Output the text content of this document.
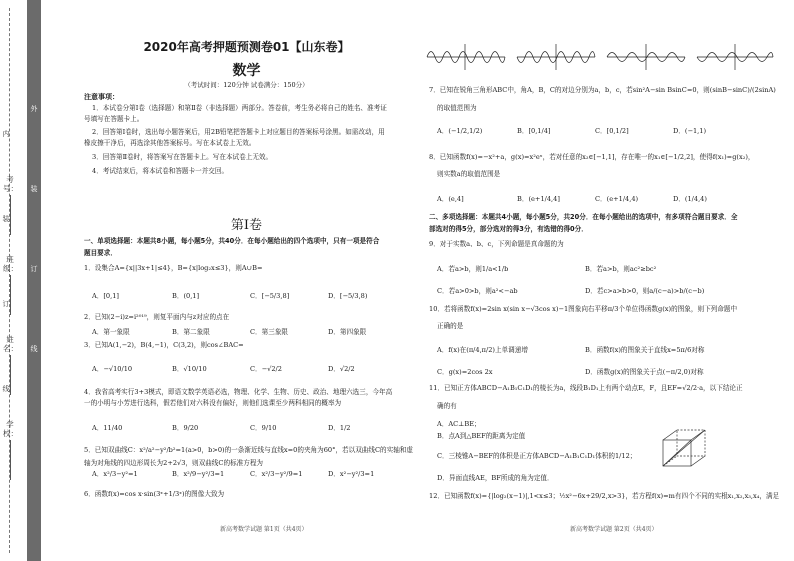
学校：
姓名：
班级：
考号：
外
装
订
线
内
装
订
线
2020年高考押题预测卷01【山东卷】
数学
（考试时间：120分钟 试卷满分：150分）
注意事项：
1．本试卷分第Ⅰ卷（选择题）和第Ⅱ卷（非选择题）两部分。答卷前，考生务必将自己的姓名、准考证
号填写在答题卡上。
2．回答第Ⅰ卷时，选出每小题答案后，用2B铅笔把答题卡上对应题目的答案标号涂黑。如需改动，用
橡皮擦干净后，再选涂其他答案标号。写在本试卷上无效。
3．回答第Ⅱ卷时，将答案写在答题卡上。写在本试卷上无效。
4．考试结束后，将本试卷和答题卡一并交回。
第Ⅰ卷
一、单项选择题：本题共8小题，每小题5分，共40分．在每小题给出的四个选项中，只有一项是符合
题目要求．
1．设集合A={x||3x+1|≤4}，B={x|log₂x≤3}，则A∪B=
A．[0,1]	B．(0,1]	C．[−5/3,8]	D．[−5/3,8)
2．已知(2−i)z=i²⁰¹⁹，则复平面内与z对应的点在
A．第一象限	B．第二象限	C．第三象限	D．第四象限
3．已知A(1,−2)，B(4,−1)，C(3,2)，则cos∠BAC=
A．−√10/10	B．√10/10	C．−√2/2	D．√2/2
4．我省高考实行3+3模式，即语文数学英语必选，物理、化学、生物、历史、政治、地理六选三，今年高
一的小明与小芳进行选科，假若他们对六科没有偏好，则他们选课至少两科相同的概率为
A．11/40	B．9/20	C．9/10	D．1/2
5．已知双曲线C：x²/a²−y²/b²=1(a>0，b>0)的一条渐近线与直线x=0的夹角为60°，若以双曲线C的实轴和虚
轴为对角线的四边形周长为2+2√3，则双曲线C的标准方程为
A．x²/3−y²=1	B．x²/9−y²/3=1	C．x²/3−y²/9=1	D．x²−y²/3=1
6．函数f(x)=cos x·sin(3ˣ+1/3ˣ)的图像大致为
新高考数学试题 第1页（共4页）
7．已知在锐角三角形ABC中，角A，B，C的对边分别为a，b，c，若sin²A−sin BsinC=0，则(sinB−sinC)/(2sinA)
的取值范围为
A．(−1/2,1/2)	B．[0,1/4]	C．[0,1/2]	D．(−1,1)
8．已知函数f(x)=−x²+a，g(x)=x²eˣ，若对任意的x₂∈[−1,1]，存在唯一的x₁∈[−1/2,2]，使得f(x₁)=g(x₂)，
则实数a的取值范围是
A．(e,4]	B．(e+1/4,4]	C．(e+1/4,4)	D．(1/4,4)
二、多项选择题：本题共4小题，每小题5分，共20分．在每小题给出的选项中，有多项符合题目要求．全
部选对的得5分，部分选对的得3分，有选错的得0分．
9．对于实数a、b、c，下列命题是真命题的为
A．若a>b，则1/a<1/b	B．若a>b，则ac²≥bc²
C．若a>0>b，则a²<−ab	D．若c>a>b>0，则a/(c−a)>b/(c−b)
10．若将函数f(x)=2sin x(sin x−√3cos x)−1图象向右平移π/3个单位得函数g(x)的图象，则下列命题中
正确的是
A．f(x)在(π/4,π/2)上单调递增	B．函数f(x)的图象关于直线x=5π/6对称
C．g(x)=2cos 2x	D．函数g(x)的图象关于点(−π/2,0)对称
11．已知正方体ABCD−A₁B₁C₁D₁的棱长为a，线段B₁D₁上有两个动点E，F，且EF=√2/2·a，以下结论正
确的有
A．AC⊥BE；
B．点A到△BEF的距离为定值
C．三棱锥A−BEF的体积是正方体ABCD−A₁B₁C₁D₁体积的1/12；
D．异面直线AE，BF所成的角为定值．
12．已知函数f(x)={|log₂(x−1)|,1<x≤3；½x²−6x+29/2,x>3}，若方程f(x)=m有四个不同的实根x₁,x₂,x₃,x₄，满足
新高考数学试题 第2页（共4页）
